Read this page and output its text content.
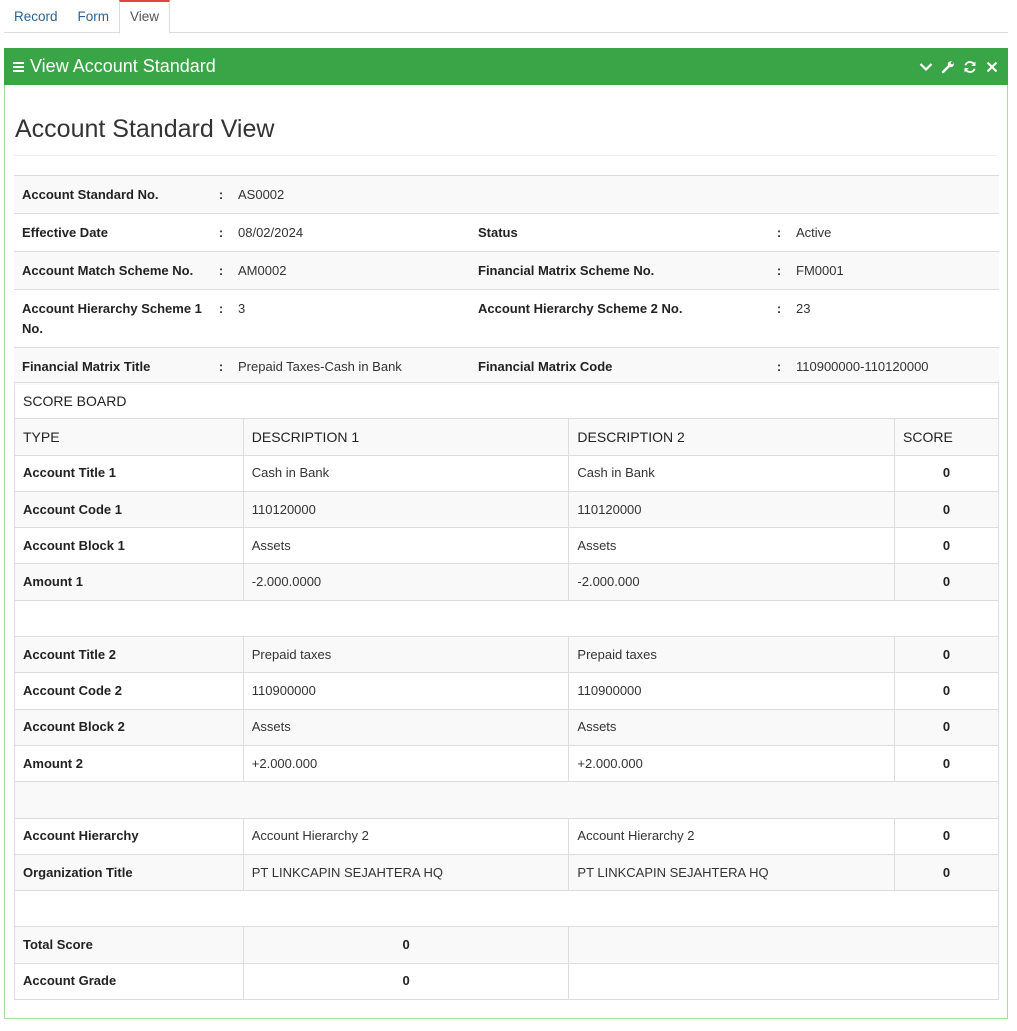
Record	Form	View
View Account Standard
Account Standard View
Account Standard No.	:	AS0002			
Effective Date	:	08/02/2024	Status	:	Active
Account Match Scheme No.	:	AM0002	Financial Matrix Scheme No.	:	FM0001
Account Hierarchy Scheme 1 No.	:	3	Account Hierarchy Scheme 2 No.	:	23
Financial Matrix Title	:	Prepaid Taxes-Cash in Bank	Financial Matrix Code	:	110900000-110120000
SCORE BOARD			
TYPE	DESCRIPTION 1	DESCRIPTION 2	SCORE
Account Title 1	Cash in Bank	Cash in Bank	0
Account Code 1	110120000	110120000	0
Account Block 1	Assets	Assets	0
Amount 1	-2.000.0000	-2.000.000	0

Account Title 2	Prepaid taxes	Prepaid taxes	0
Account Code 2	110900000	110900000	0
Account Block 2	Assets	Assets	0
Amount 2	+2.000.000	+2.000.000	0

Account Hierarchy	Account Hierarchy 2	Account Hierarchy 2	0
Organization Title	PT LINKCAPIN SEJAHTERA HQ	PT LINKCAPIN SEJAHTERA HQ	0

Total Score	0		
Account Grade	0		
